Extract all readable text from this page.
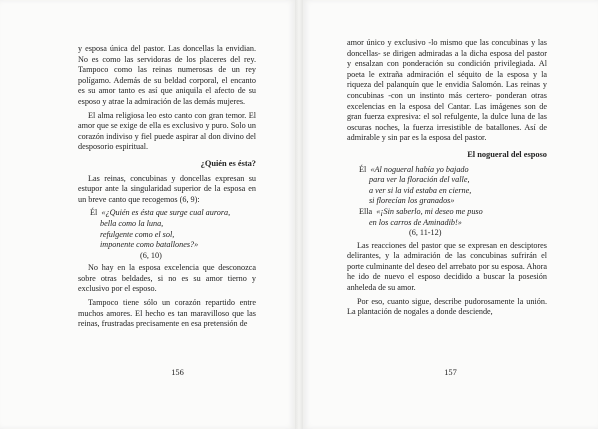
y esposa única del pastor. Las doncellas la envidian. No es como las servidoras de los placeres del rey. Tampoco como las reinas numerosas de un rey polígamo. Además de su beldad corporal, el encanto es su amor tanto es así que aniquila el afecto de su esposo y atrae la admiración de las demás mujeres.

El alma religiosa leo esto canto con gran temor. El amor que se exige de ella es exclusivo y puro. Solo un corazón indiviso y fiel puede aspirar al don divino del desposorio espiritual.

¿Quién es ésta?

Las reinas, concubinas y doncellas expresan su estupor ante la singularidad superior de la esposa en un breve canto que recogemos (6, 9):

Él «¿Quién es ésta que surge cual aurora,
bella como la luna,
refulgente como el sol,
imponente como batallones?»
(6, 10)

No hay en la esposa excelencia que desconozca sobre otras beldades, si no es su amor tierno y exclusivo por el esposo.

Tampoco tiene sólo un corazón repartido entre muchos amores. El hecho es tan maravilloso que las reinas, frustradas precisamente en esa pretensión de

156

amor único y exclusivo -lo mismo que las concubinas y las doncellas- se dirigen admiradas a la dicha esposa del pastor y ensalzan con ponderación su condición privilegiada. Al poeta le extraña admiración el séquito de la esposa y la riqueza del palanquín que le envidia Salomón. Las reinas y concubinas -con un instinto más certero- ponderan otras excelencias en la esposa del Cantar. Las imágenes son de gran fuerza expresiva: el sol refulgente, la dulce luna de las oscuras noches, la fuerza irresistible de batallones. Así de admirable y sin par es la esposa del pastor.

El nogueral del esposo
Él «Al nogueral había yo bajado
para ver la floración del valle,
a ver si la vid estaba en cierne,
si florecían los granados»
Ella «¡Sin saberlo, mi deseo me puso
en los carros de Aminadib!»
(6, 11-12)

Las reacciones del pastor que se expresan en desciptores delirantes, y la admiración de las concubinas sufrirán el porte culminante del deseo del arrebato por su esposa. Ahora he ido de nuevo el esposo decidido a buscar la posesión anheleda de su amor.

Por eso, cuanto sigue, describe pudorosamente la unión. La plantación de nogales a donde desciende,

157
